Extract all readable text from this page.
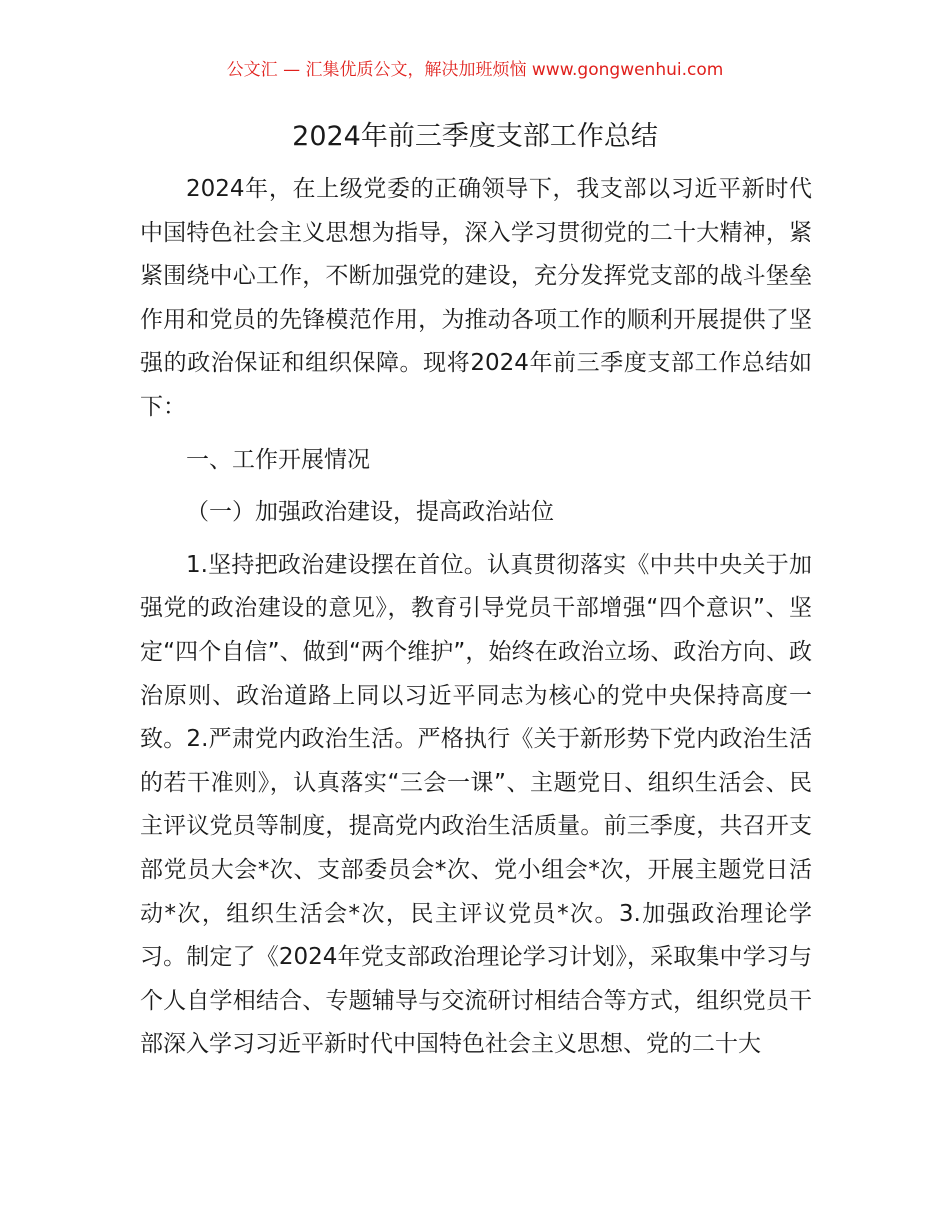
公文汇 — 汇集优质公文，解决加班烦恼 www.gongwenhui.com
2024年前三季度支部工作总结

2024年，在上级党委的正确领导下，我支部以习近平新时代中国特色社会主义思想为指导，深入学习贯彻党的二十大精神，紧紧围绕中心工作，不断加强党的建设，充分发挥党支部的战斗堡垒作用和党员的先锋模范作用，为推动各项工作的顺利开展提供了坚强的政治保证和组织保障。现将2024年前三季度支部工作总结如下：

一、工作开展情况

（一）加强政治建设，提高政治站位

1.坚持把政治建设摆在首位。认真贯彻落实《中共中央关于加强党的政治建设的意见》，教育引导党员干部增强“四个意识”、坚定“四个自信”、做到“两个维护”，始终在政治立场、政治方向、政治原则、政治道路上同以习近平同志为核心的党中央保持高度一致。2.严肃党内政治生活。严格执行《关于新形势下党内政治生活的若干准则》，认真落实“三会一课”、主题党日、组织生活会、民主评议党员等制度，提高党内政治生活质量。前三季度，共召开支部党员大会*次、支部委员会*次、党小组会*次，开展主题党日活动*次，组织生活会*次，民主评议党员*次。3.加强政治理论学习。制定了《2024年党支部政治理论学习计划》，采取集中学习与个人自学相结合、专题辅导与交流研讨相结合等方式，组织党员干部深入学习习近平新时代中国特色社会主义思想、党的二十大
